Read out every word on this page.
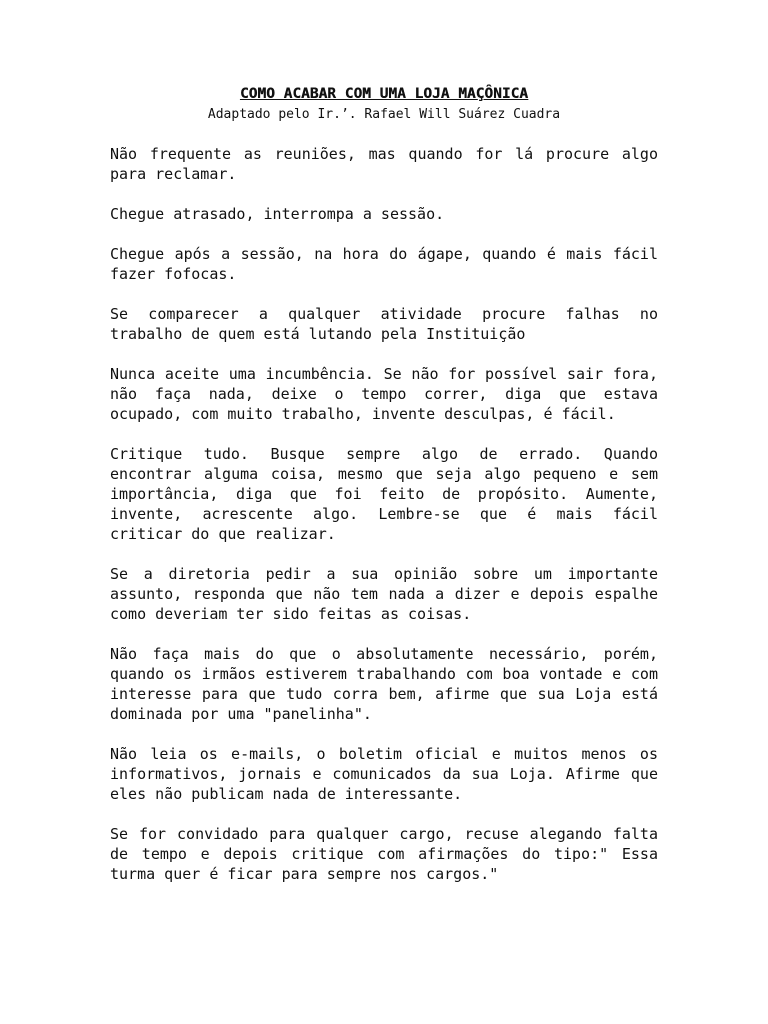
COMO ACABAR COM UMA LOJA MAÇÔNICA

Adaptado pelo Ir.’. Rafael Will Suárez Cuadra

Não frequente as reuniões, mas quando for lá procure algo para reclamar.

Chegue atrasado, interrompa a sessão.

Chegue após a sessão, na hora do ágape, quando é mais fácil fazer fofocas.

Se comparecer a qualquer atividade procure falhas no trabalho de quem está lutando pela Instituição

Nunca aceite uma incumbência. Se não for possível sair fora, não faça nada, deixe o tempo correr, diga que estava ocupado, com muito trabalho, invente desculpas, é fácil.

Critique tudo. Busque sempre algo de errado. Quando encontrar alguma coisa, mesmo que seja algo pequeno e sem importância, diga que foi feito de propósito. Aumente, invente, acrescente algo. Lembre-se que é mais fácil criticar do que realizar.

Se a diretoria pedir a sua opinião sobre um importante assunto, responda que não tem nada a dizer e depois espalhe como deveriam ter sido feitas as coisas.

Não faça mais do que o absolutamente necessário, porém, quando os irmãos estiverem trabalhando com boa vontade e com interesse para que tudo corra bem, afirme que sua Loja está dominada por uma "panelinha".

Não leia os e-mails, o boletim oficial e muitos menos os informativos, jornais e comunicados da sua Loja. Afirme que eles não publicam nada de interessante.

Se for convidado para qualquer cargo, recuse alegando falta de tempo e depois critique com afirmações do tipo:" Essa turma quer é ficar para sempre nos cargos."
